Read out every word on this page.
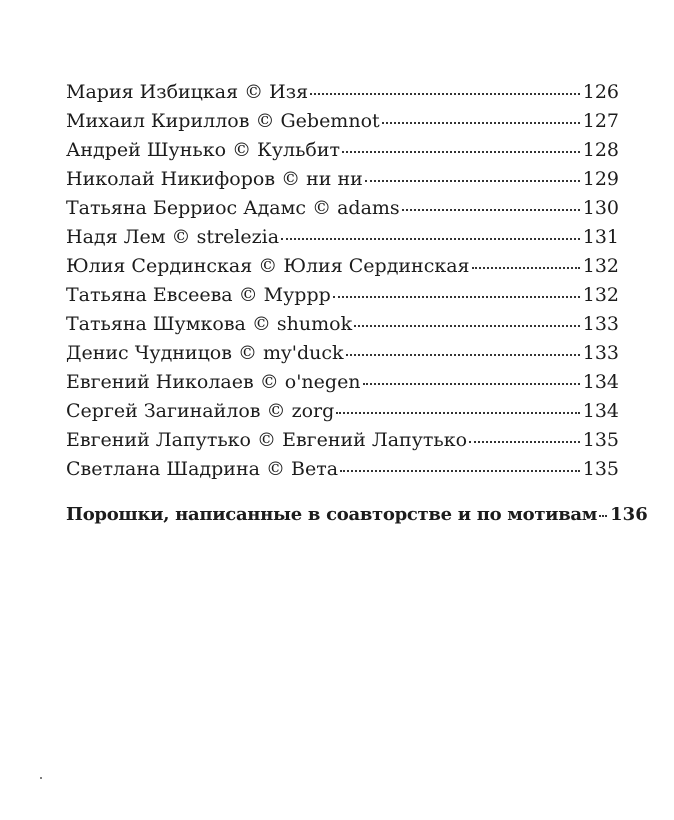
Мария Избицкая © Изя	126
Михаил Кириллов © Gebemnot	127
Андрей Шунько © Кульбит	128
Николай Никифоров © ни ни	129
Татьяна Берриос Адамс © adams	130
Надя Лем © strelezia	131
Юлия Сердинская © Юлия Сердинская	132
Татьяна Евсеева © Мурpp	132
Татьяна Шумкова © shumok	133
Денис Чудницов © my'duck	133
Евгений Николаев © o'negen	134
Сергей Загинайлов © zorg	134
Евгений Лапутько © Евгений Лапутько	135
Светлана Шадрина © Вета	135
Порошки, написанные в соавторстве и по мотивам 136
